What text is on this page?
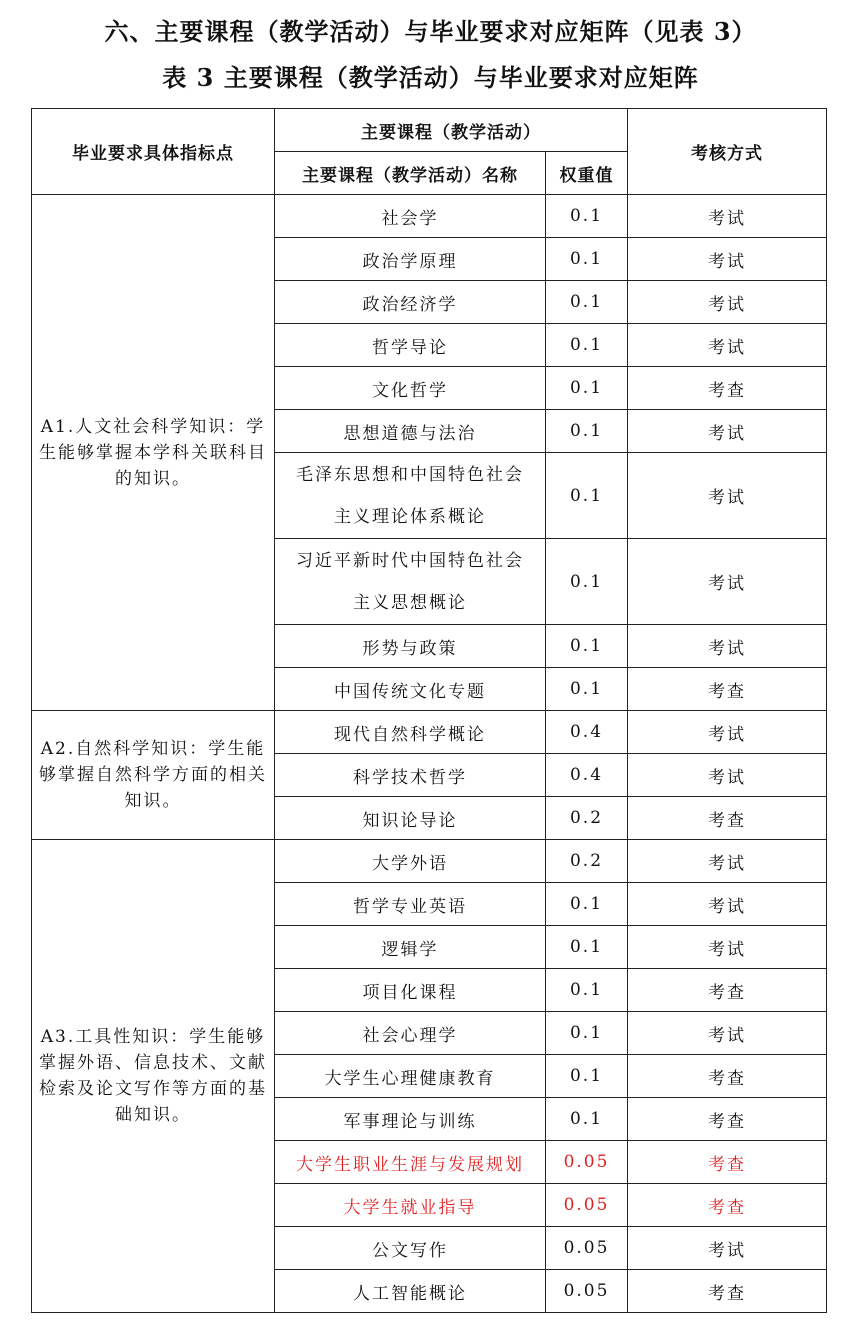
六、主要课程（教学活动）与毕业要求对应矩阵（见表 3）
表 3 主要课程（教学活动）与毕业要求对应矩阵
毕业要求具体指标点	主要课程（教学活动）		考核方式
	主要课程（教学活动）名称	权重值	
A1.人文社会科学知识：学生能够掌握本学科关联科目的知识。	社会学	0.1	考试
	政治学原理	0.1	考试
	政治经济学	0.1	考试
	哲学导论	0.1	考试
	文化哲学	0.1	考查
	思想道德与法治	0.1	考试
	毛泽东思想和中国特色社会主义理论体系概论	0.1	考试
	习近平新时代中国特色社会主义思想概论	0.1	考试
	形势与政策	0.1	考试
	中国传统文化专题	0.1	考查
A2.自然科学知识：学生能够掌握自然科学方面的相关知识。	现代自然科学概论	0.4	考试
	科学技术哲学	0.4	考试
	知识论导论	0.2	考查
A3.工具性知识：学生能够掌握外语、信息技术、文献检索及论文写作等方面的基础知识。	大学外语	0.2	考试
	哲学专业英语	0.1	考试
	逻辑学	0.1	考试
	项目化课程	0.1	考查
	社会心理学	0.1	考试
	大学生心理健康教育	0.1	考查
	军事理论与训练	0.1	考查
	大学生职业生涯与发展规划	0.05	考查
	大学生就业指导	0.05	考查
	公文写作	0.05	考试
	人工智能概论	0.05	考查
